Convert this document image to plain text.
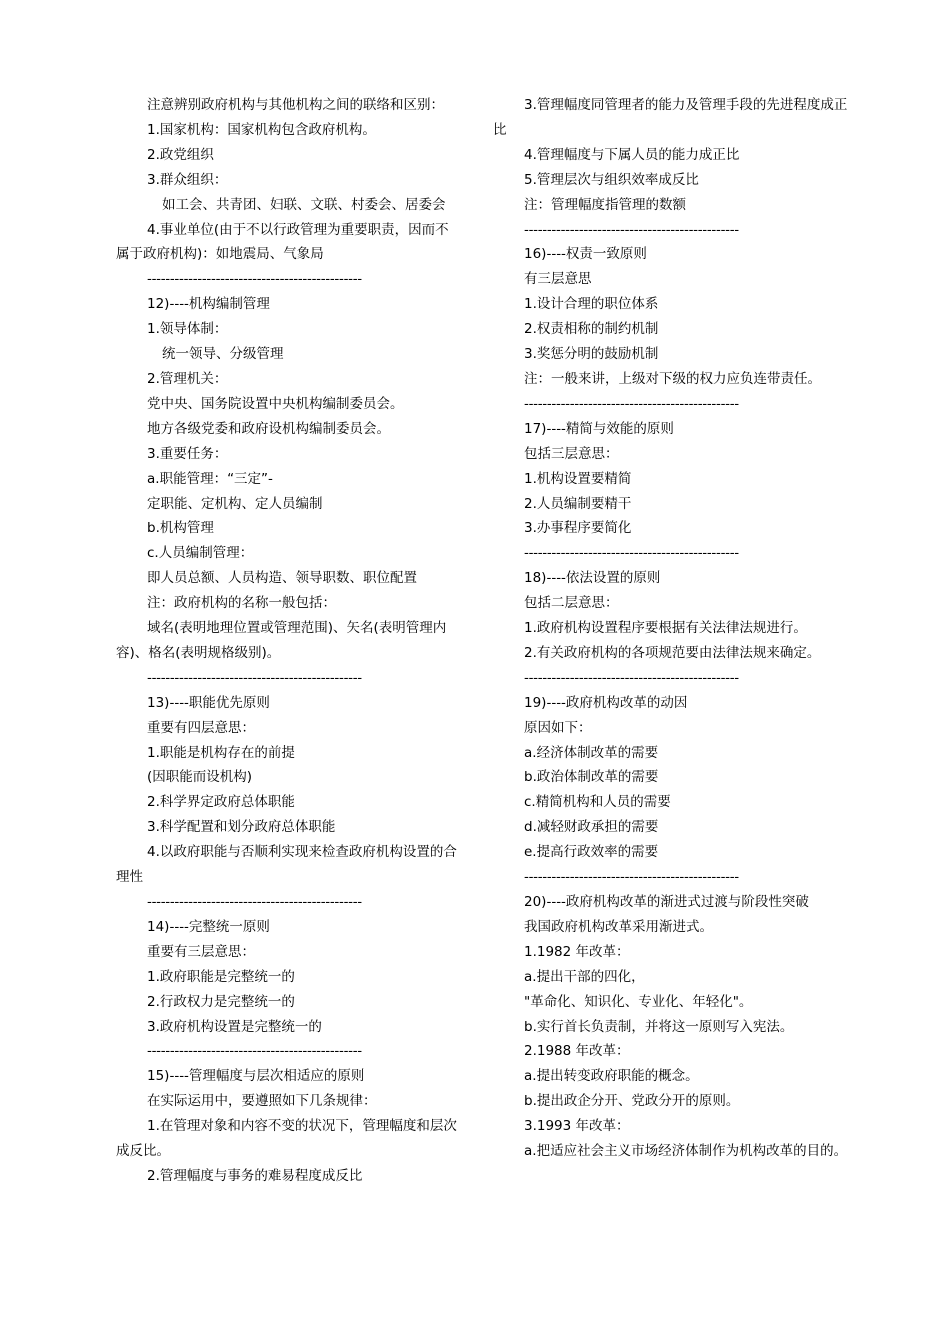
注意辨别政府机构与其他机构之间的联络和区别：

1.国家机构：国家机构包含政府机构。

2.政党组织

3.群众组织：

如工会、共青团、妇联、文联、村委会、居委会

4.事业单位(由于不以行政管理为重要职责，因而不属于政府机构)：如地震局、气象局

-----------------------------------------------

12)----机构编制管理

1.领导体制：

统一领导、分级管理

2.管理机关：

党中央、国务院设置中央机构编制委员会。

地方各级党委和政府设机构编制委员会。

3.重要任务：

a.职能管理：“三定”-

定职能、定机构、定人员编制

b.机构管理

c.人员编制管理：

即人员总额、人员构造、领导职数、职位配置

注：政府机构的名称一般包括：

域名(表明地理位置或管理范围)、矢名(表明管理内容)、格名(表明规格级别)。

-----------------------------------------------

13)----职能优先原则

重要有四层意思：

1.职能是机构存在的前提

(因职能而设机构)

2.科学界定政府总体职能

3.科学配置和划分政府总体职能

4.以政府职能与否顺利实现来检查政府机构设置的合理性

-----------------------------------------------

14)----完整统一原则

重要有三层意思：

1.政府职能是完整统一的

2.行政权力是完整统一的

3.政府机构设置是完整统一的

-----------------------------------------------

15)----管理幅度与层次相适应的原则

在实际运用中，要遵照如下几条规律：

1.在管理对象和内容不变的状况下，管理幅度和层次成反比。

2.管理幅度与事务的难易程度成反比

3.管理幅度同管理者的能力及管理手段的先进程度成正比

4.管理幅度与下属人员的能力成正比

5.管理层次与组织效率成反比

注：管理幅度指管理的数额

-----------------------------------------------

16)----权责一致原则

有三层意思

1.设计合理的职位体系

2.权责相称的制约机制

3.奖惩分明的鼓励机制

注：一般来讲，上级对下级的权力应负连带责任。

-----------------------------------------------

17)----精简与效能的原则

包括三层意思：

1.机构设置要精简

2.人员编制要精干

3.办事程序要简化

-----------------------------------------------

18)----依法设置的原则

包括二层意思：

1.政府机构设置程序要根据有关法律法规进行。

2.有关政府机构的各项规范要由法律法规来确定。

-----------------------------------------------

19)----政府机构改革的动因

原因如下：

a.经济体制改革的需要

b.政治体制改革的需要

c.精简机构和人员的需要

d.减轻财政承担的需要

e.提高行政效率的需要

-----------------------------------------------

20)----政府机构改革的渐进式过渡与阶段性突破

我国政府机构改革采用渐进式。

1.1982 年改革：

a.提出干部的四化，

"革命化、知识化、专业化、年轻化"。

b.实行首长负责制，并将这一原则写入宪法。

2.1988 年改革：

a.提出转变政府职能的概念。

b.提出政企分开、党政分开的原则。

3.1993 年改革：

a.把适应社会主义市场经济体制作为机构改革的目的。
